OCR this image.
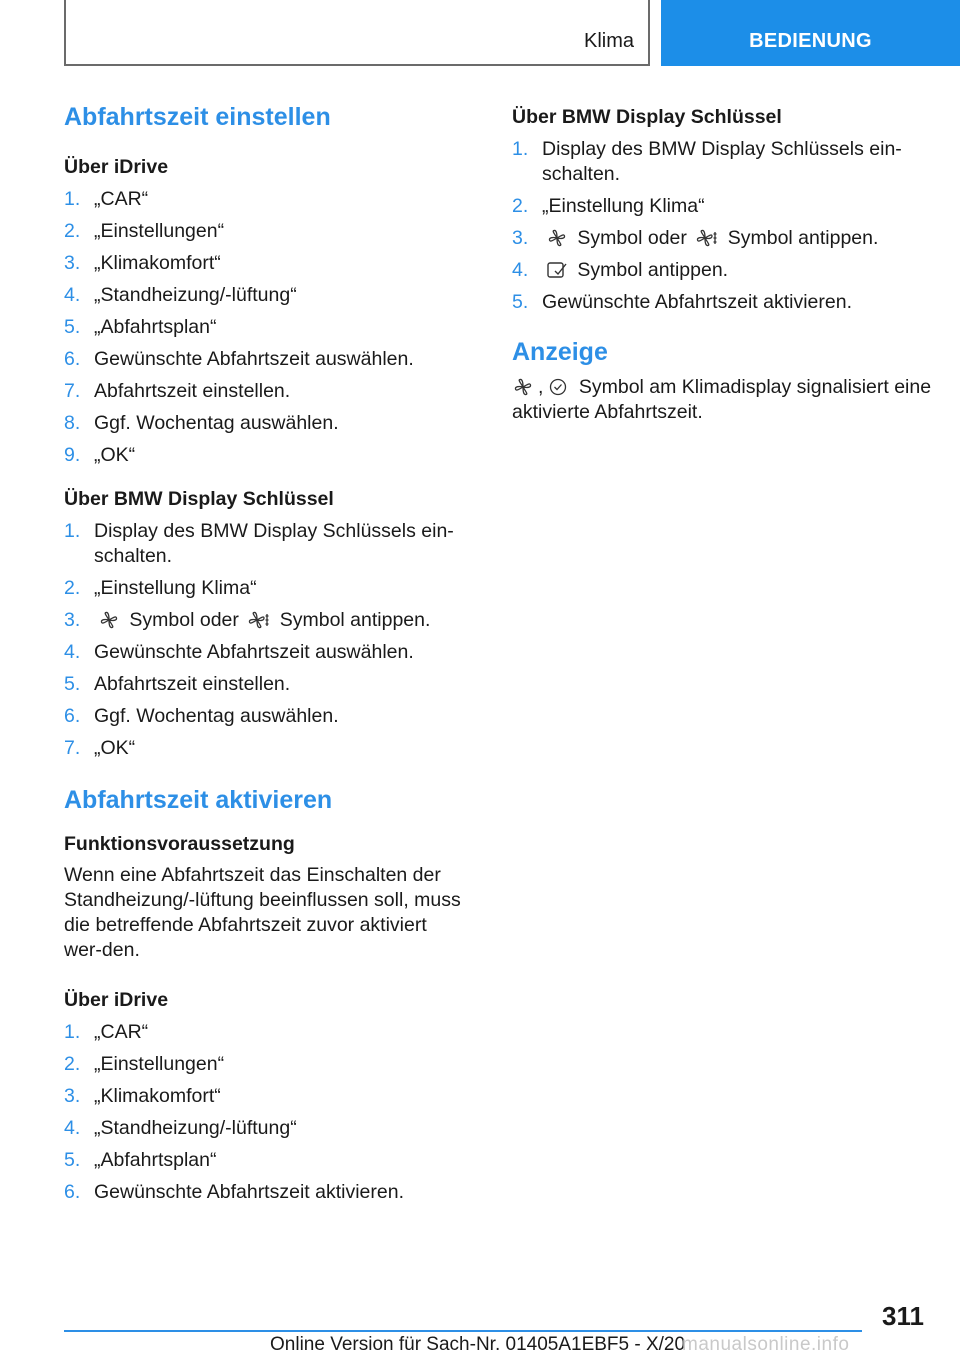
Klima	BEDIENUNG
Abfahrtszeit einstellen
Über iDrive
1. „CAR“
2. „Einstellungen“
3. „Klimakomfort“
4. „Standheizung/-lüftung“
5. „Abfahrtsplan“
6. Gewünschte Abfahrtszeit auswählen.
7. Abfahrtszeit einstellen.
8. Ggf. Wochentag auswählen.
9. „OK“
Über BMW Display Schlüssel
1. Display des BMW Display Schlüssels ein-schalten.
2. „Einstellung Klima“
3.	Symbol oder Symbol antippen.
4. Gewünschte Abfahrtszeit auswählen.
5. Abfahrtszeit einstellen.
6. Ggf. Wochentag auswählen.
7. „OK“
Abfahrtszeit aktivieren
Funktionsvoraussetzung

Wenn eine Abfahrtszeit das Einschalten der Standheizung/-lüftung beeinflussen soll, muss die betreffende Abfahrtszeit zuvor aktiviert wer-den.

Über iDrive
1. „CAR“
2. „Einstellungen“
3. „Klimakomfort“
4. „Standheizung/-lüftung“
5. „Abfahrtsplan“
6. Gewünschte Abfahrtszeit aktivieren.
Über BMW Display Schlüssel
1. Display des BMW Display Schlüssels ein-schalten.
2. „Einstellung Klima“
3.	Symbol oder Symbol antippen.
4.	Symbol antippen.
5. Gewünschte Abfahrtszeit aktivieren.
Anzeige

, Symbol am Klimadisplay signalisiert eine aktivierte Abfahrtszeit.

311
Online Version für Sach-Nr. 01405A1EBF5 - X/20
manualsonline.info
